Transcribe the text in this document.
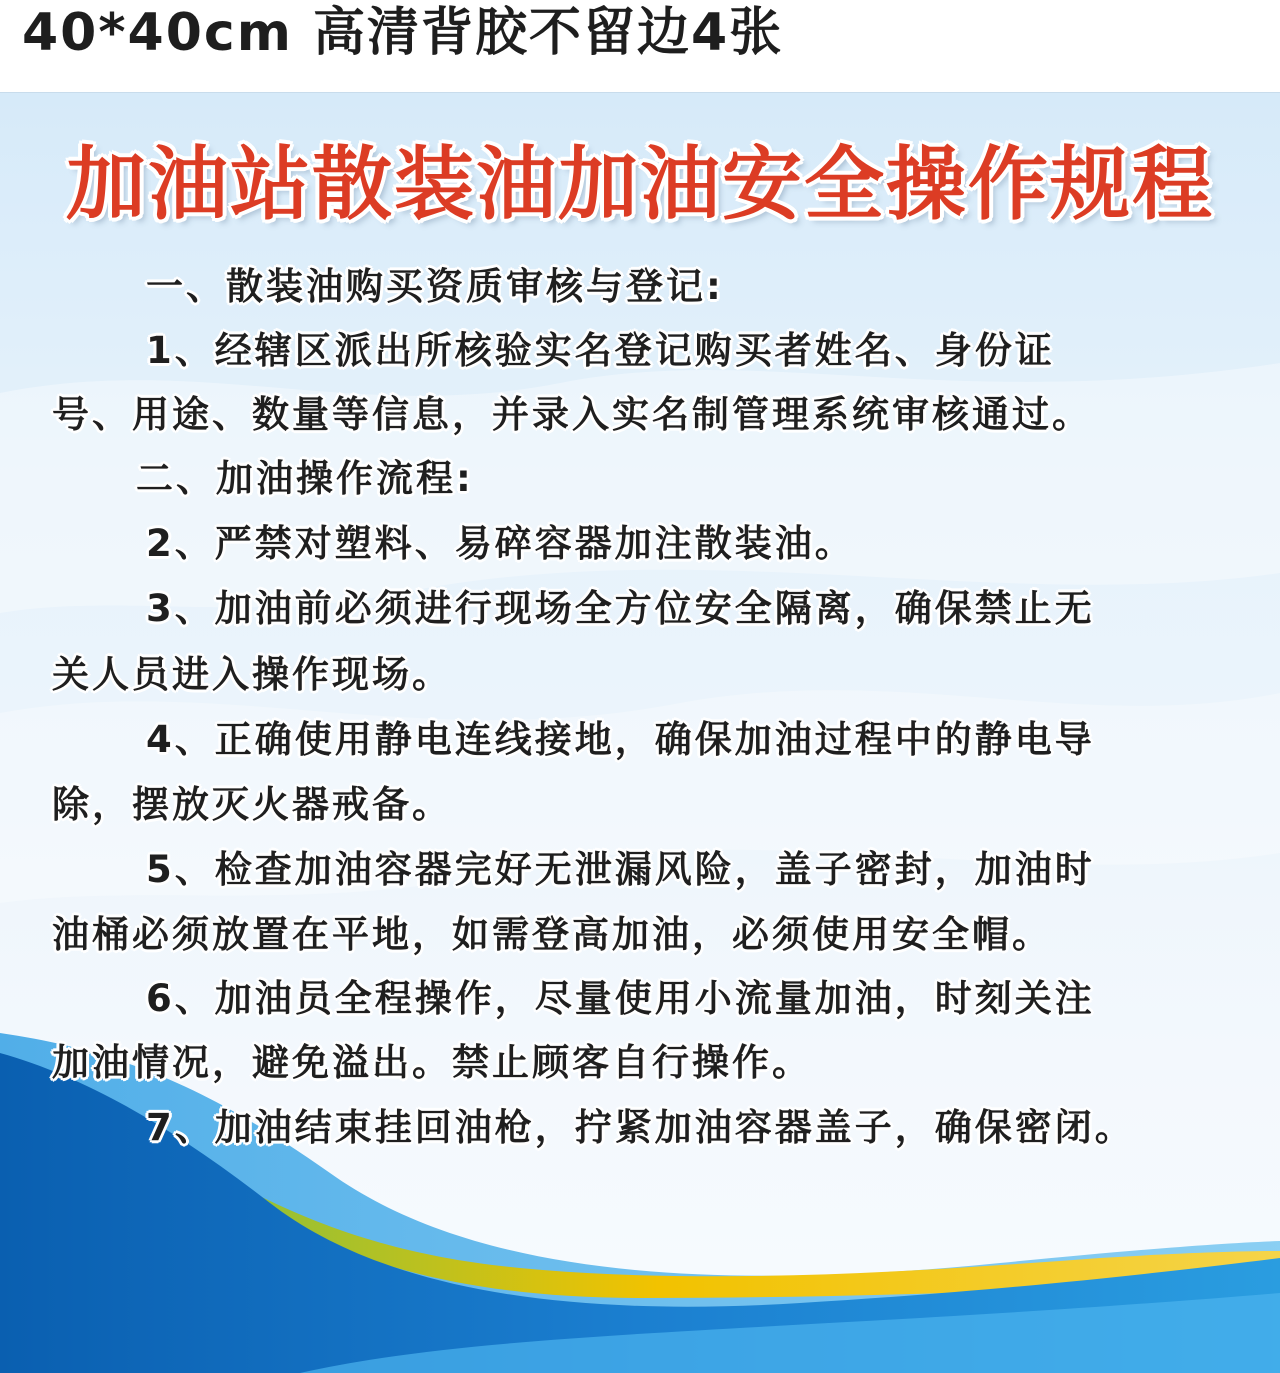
40*40cm 高清背胶不留边4张
加油站散装油加油安全操作规程
一、散装油购买资质审核与登记:
1、经辖区派出所核验实名登记购买者姓名、身份证
号、用途、数量等信息，并录入实名制管理系统审核通过。
二、加油操作流程:
2、严禁对塑料、易碎容器加注散装油。
3、加油前必须进行现场全方位安全隔离，确保禁止无
关人员进入操作现场。
4、正确使用静电连线接地，确保加油过程中的静电导
除，摆放灭火器戒备。
5、检查加油容器完好无泄漏风险，盖子密封，加油时
油桶必须放置在平地，如需登高加油，必须使用安全帽。
6、加油员全程操作，尽量使用小流量加油，时刻关注
加油情况，避免溢出。禁止顾客自行操作。
7、加油结束挂回油枪，拧紧加油容器盖子，确保密闭。
